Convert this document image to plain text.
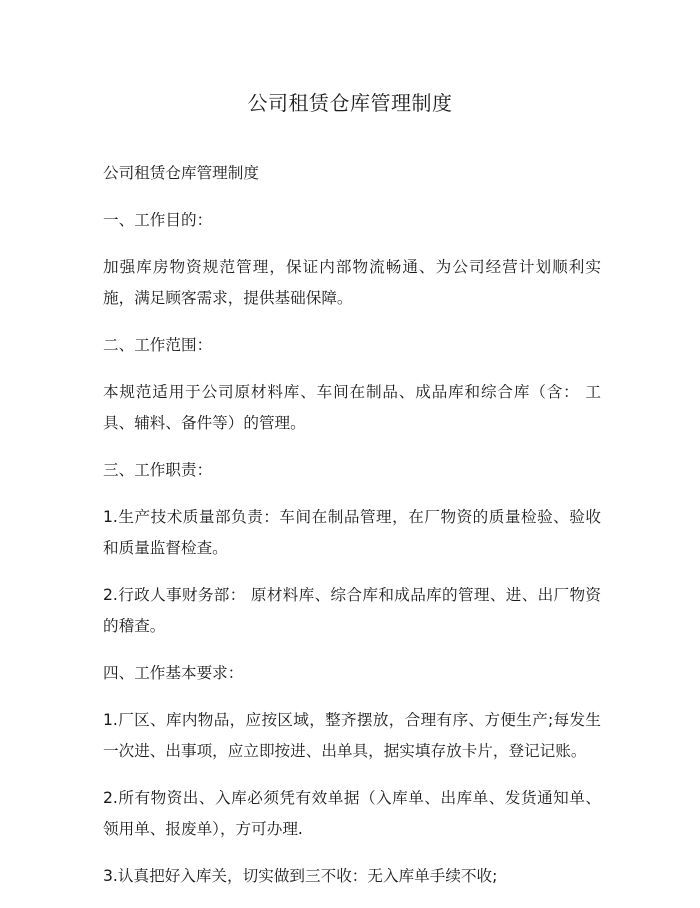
公司租赁仓库管理制度

公司租赁仓库管理制度

一、工作目的：

加强库房物资规范管理，保证内部物流畅通、为公司经营计划顺利实施，满足顾客需求，提供基础保障。

二、工作范围：

本规范适用于公司原材料库、车间在制品、成品库和综合库（含： 工具、辅料、备件等）的管理。

三、工作职责：

1.生产技术质量部负责：车间在制品管理，在厂物资的质量检验、验收和质量监督检查。

2.行政人事财务部： 原材料库、综合库和成品库的管理、进、出厂物资的稽查。

四、工作基本要求：

1.厂区、库内物品，应按区域，整齐摆放，合理有序、方便生产;每发生一次进、出事项，应立即按进、出单具，据实填存放卡片，登记记账。

2.所有物资出、入库必须凭有效单据（入库单、出库单、发货通知单、领用单、报废单），方可办理.

3.认真把好入库关，切实做到三不收：无入库单手续不收;
